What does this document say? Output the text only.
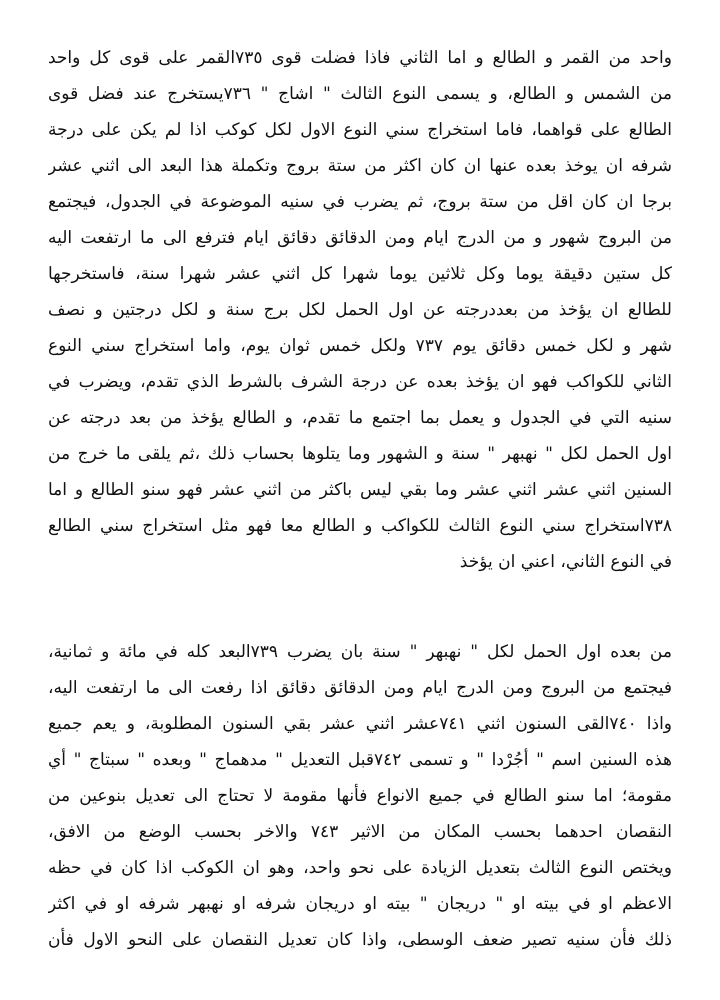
واحد من القمر و الطالع و اما الثاني فاذا فضلت قوى ٧٣٥القمر على قوى كل واحد
من الشمس و الطالع، و يسمى النوع الثالث " اشاج " ٧٣٦يستخرج عند فضل قوى
الطالع على قواهما، فاما استخراج سني النوع الاول لكل كوكب اذا لم يكن على درجة
شرفه ان يوخذ بعده عنها ان كان اكثر من ستة بروج وتكملة هذا البعد الى اثني عشر
برجا ان كان اقل من ستة بروج، ثم يضرب في سنيه الموضوعة في الجدول، فيجتمع
من البروج شهور و من الدرج ايام ومن الدقائق دقائق ايام فترفع الى ما ارتفعت اليه
كل ستين دقيقة يوما وكل ثلاثين يوما شهرا كل اثني عشر شهرا سنة، فاستخرجها
للطالع ان يؤخذ من بعددرجته عن اول الحمل لكل برج سنة و لكل درجتين و نصف
شهر و لكل خمس دقائق يوم ٧٣٧ ولكل خمس ثوان يوم، واما استخراج سني النوع
الثاني للكواكب فهو ان يؤخذ بعده عن درجة الشرف بالشرط الذي تقدم، ويضرب في
سنيه التي في الجدول و يعمل بما اجتمع ما تقدم، و الطالع يؤخذ من بعد درجته عن
اول الحمل لكل " نهبهر " سنة و الشهور وما يتلوها بحساب ذلك ،ثم يلقى ما خرج من
السنين اثني عشر اثني عشر وما بقي ليس باكثر من اثني عشر فهو سنو الطالع و اما
٧٣٨استخراج سني النوع الثالث للكواكب و الطالع معا فهو مثل استخراج سني الطالع
في النوع الثاني، اعني ان يؤخذ
من بعده اول الحمل لكل " نهبهر " سنة بان يضرب ٧٣٩البعد كله في مائة و ثمانية،
فيجتمع من البروج ومن الدرج ايام ومن الدقائق دقائق اذا رفعت الى ما ارتفعت اليه،
واذا ٧٤٠القى السنون اثني ٧٤١عشر اثني عشر بقي السنون المطلوبة، و يعم جميع
هذه السنين اسم " أجُرْدا " و تسمى ٧٤٢قبل التعديل " مدهماج " وبعده " سبتاج " أي
مقومة؛ اما سنو الطالع في جميع الانواع فأنها مقومة لا تحتاج الى تعديل بنوعين من
النقصان احدهما بحسب المكان من الاثير ٧٤٣ والاخر بحسب الوضع من الافق،
ويختص النوع الثالث بتعديل الزيادة على نحو واحد، وهو ان الكوكب اذا كان في حظه
الاعظم او في بيته او " دريجان " بيته او دريجان شرفه او نهبهر شرفه او في اكثر
ذلك فأن سنيه تصير ضعف الوسطى، واذا كان تعديل النقصان على النحو الاول فأن
